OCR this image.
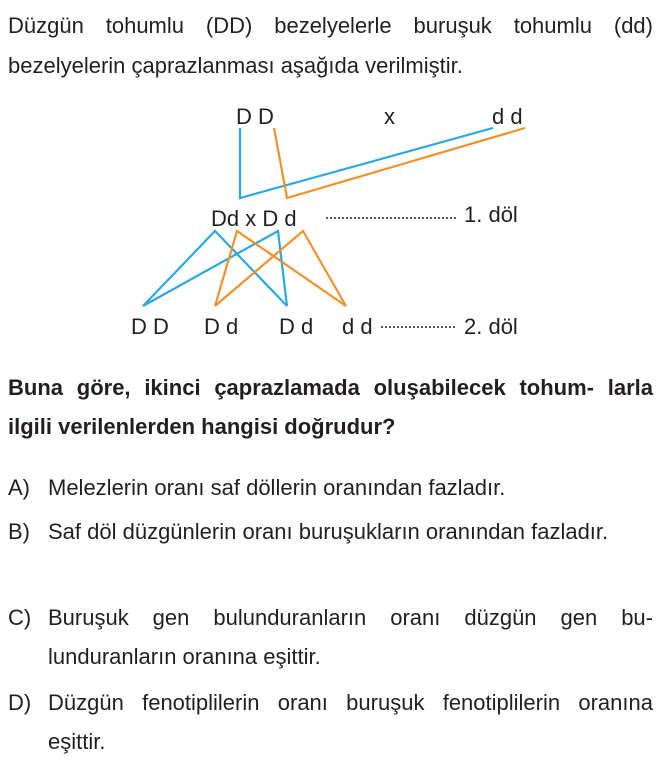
Düzgün tohumlu (DD) bezelyelerle buruşuk tohumlu (dd) bezelyelerin çaprazlanması aşağıda verilmiştir.
D D	x	d d
Dd x D d	1. döl
D D D d D d d d	2. döl
Buna göre, ikinci çaprazlamada oluşabilecek tohum- larla ilgili verilenlerden hangisi doğrudur?
A) Melezlerin oranı saf döllerin oranından fazladır.
B) Saf döl düzgünlerin oranı buruşukların oranından fazladır.
C) Buruşuk gen bulunduranların oranı düzgün gen bu- lunduranların oranına eşittir.
D) Düzgün fenotiplilerin oranı buruşuk fenotiplilerin oranına eşittir.
